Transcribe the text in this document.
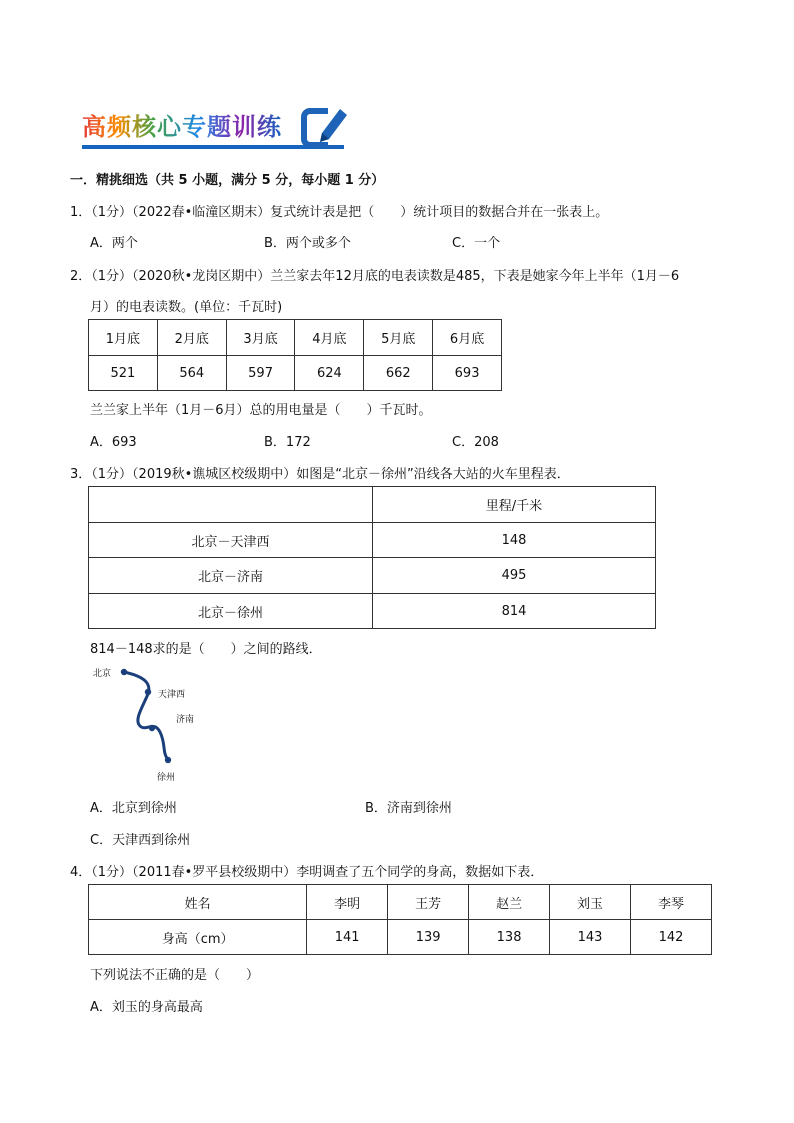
高频核心专题训练
一．精挑细选（共 5 小题，满分 5 分，每小题 1 分）
1．（1分）（2022春•临潼区期末）复式统计表是把（　　）统计项目的数据合并在一张表上。
A．两个	B．两个或多个	C．一个
2．（1分）（2020秋•龙岗区期中）兰兰家去年12月底的电表读数是485，下表是她家今年上半年（1月－6
月）的电表读数。(单位：千瓦时)
1月底	2月底	3月底	4月底	5月底	6月底
521	564	597	624	662	693
兰兰家上半年（1月－6月）总的用电量是（　　）千瓦时。
A．693	B．172	C．208
3．（1分）（2019秋•谯城区校级期中）如图是“北京－徐州”沿线各大站的火车里程表．
	里程/千米
北京－天津西	148
北京－济南	495
北京－徐州	814
814－148求的是（　　）之间的路线．
北京
天津西
济南
徐州
A．北京到徐州	B．济南到徐州
C．天津西到徐州
4．（1分）（2011春•罗平县校级期中）李明调查了五个同学的身高，数据如下表．
姓名	李明	王芳	赵兰	刘玉	李琴
身高（cm）	141	139	138	143	142
下列说法不正确的是（　　）
A．刘玉的身高最高
